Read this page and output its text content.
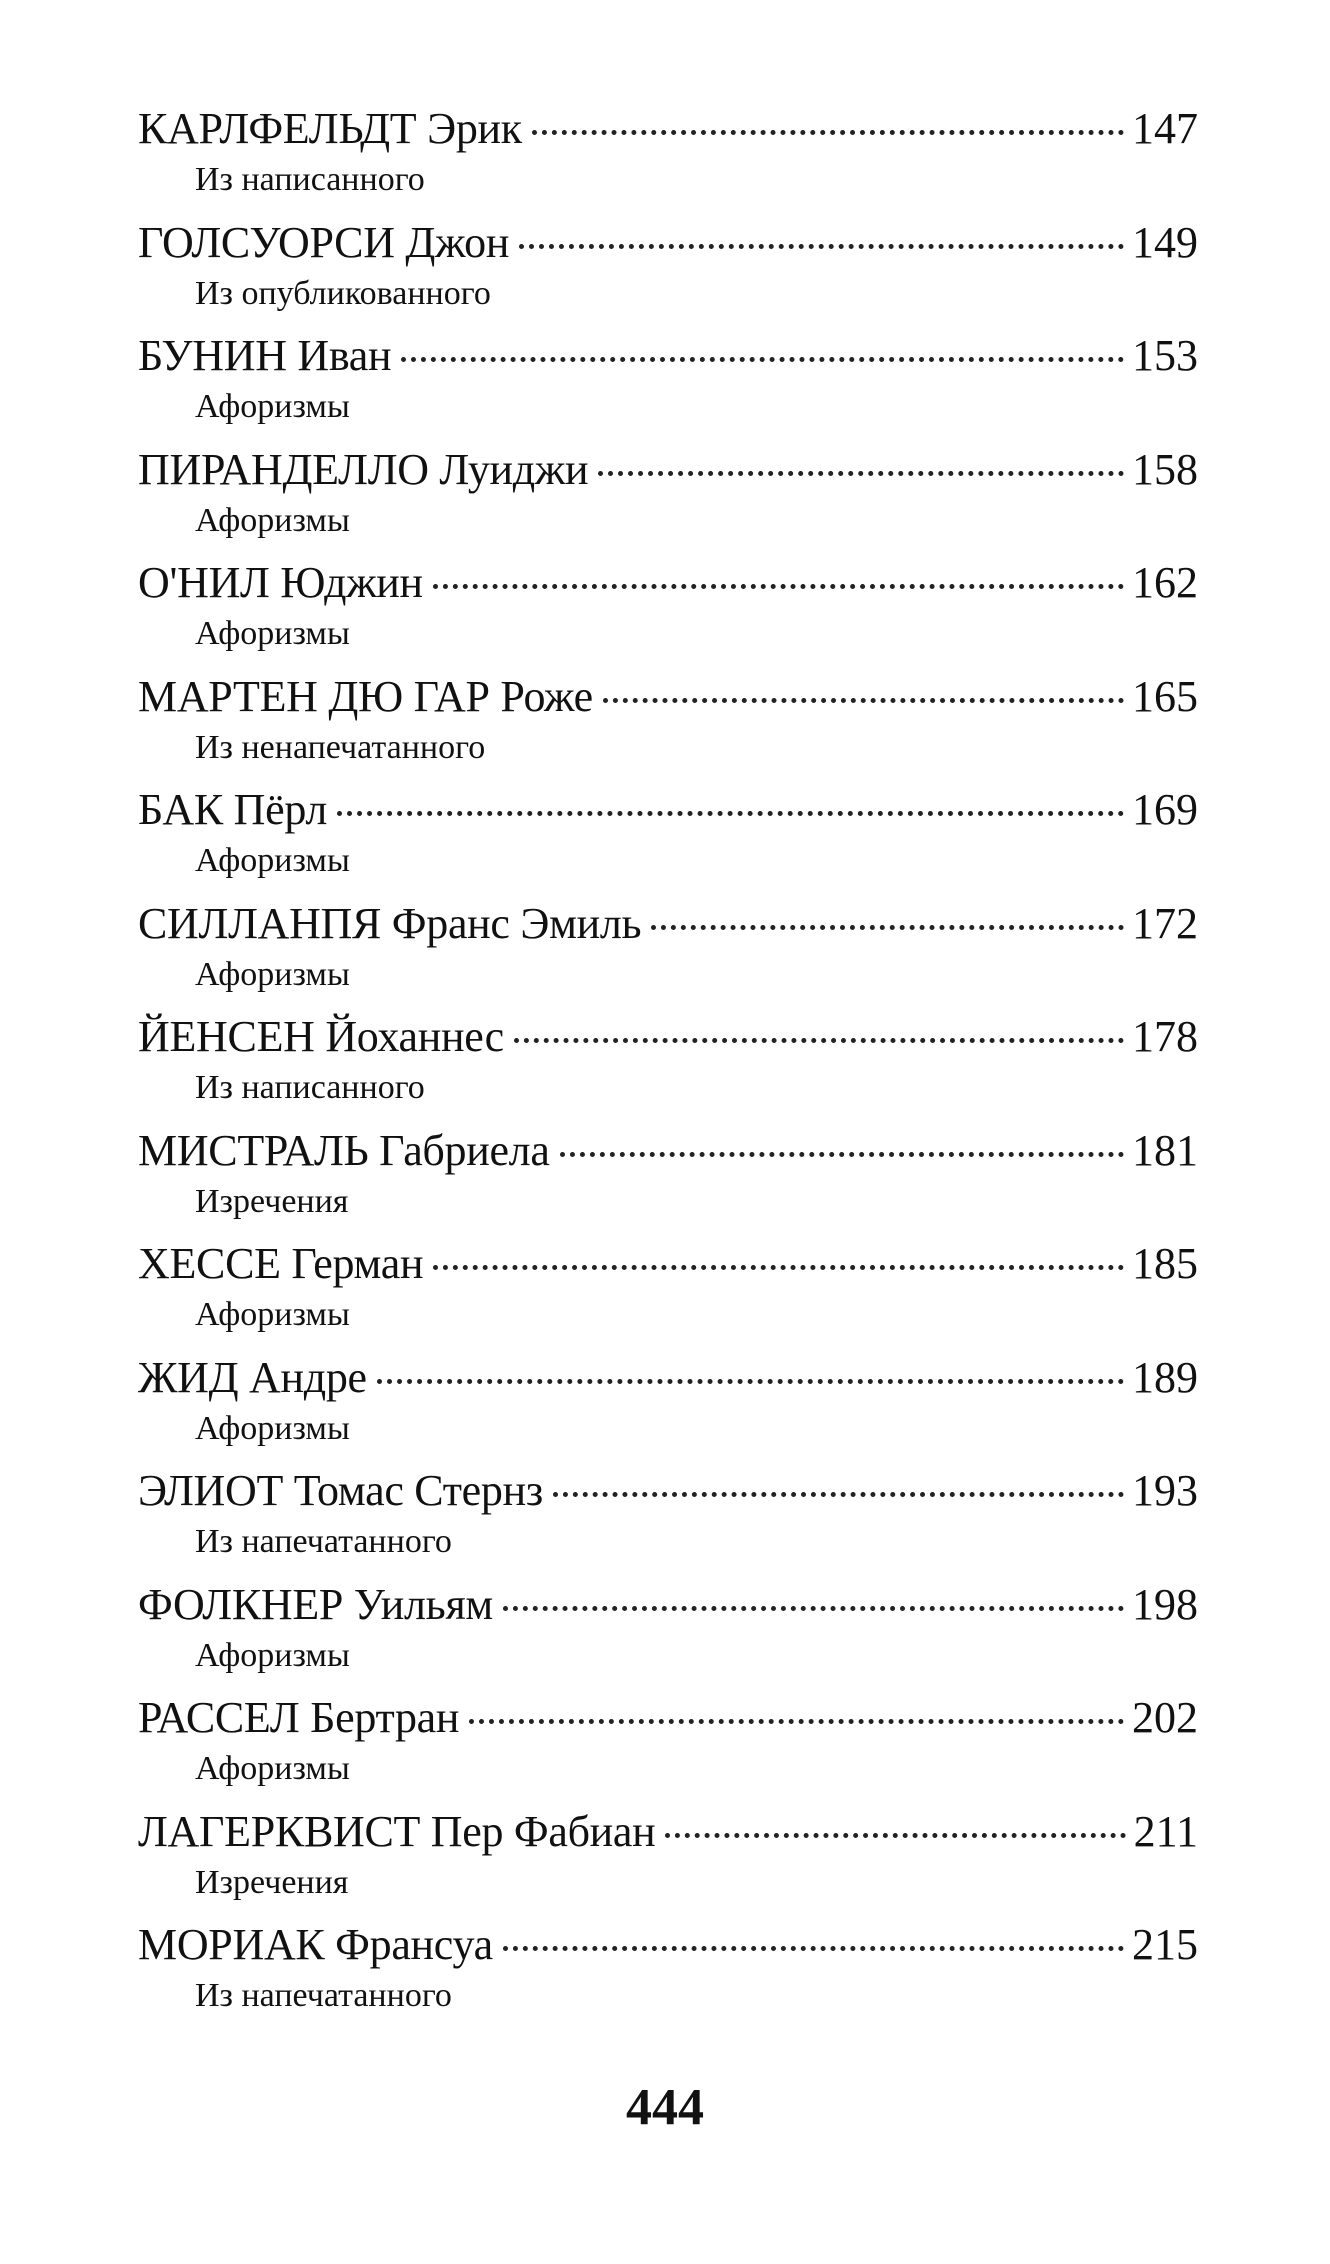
КАРЛФЕЛЬДТ Эрик	147
Из написанного
ГОЛСУОРСИ Джон	149
Из опубликованного
БУНИН Иван	153
Афоризмы
ПИРАНДЕЛЛО Луиджи	158
Афоризмы
О'НИЛ Юджин	162
Афоризмы
МАРТЕН ДЮ ГАР Роже	165
Из ненапечатанного
БАК Пёрл	169
Афоризмы
СИЛЛАНПЯ Франс Эмиль	172
Афоризмы
ЙЕНСЕН Йоханнес	178
Из написанного
МИСТРАЛЬ Габриела	181
Изречения
ХЕССЕ Герман	185
Афоризмы
ЖИД Андре	189
Афоризмы
ЭЛИОТ Томас Стернз	193
Из напечатанного
ФОЛКНЕР Уильям	198
Афоризмы
РАССЕЛ Бертран	202
Афоризмы
ЛАГЕРКВИСТ Пер Фабиан	211
Изречения
МОРИАК Франсуа	215
Из напечатанного
444
